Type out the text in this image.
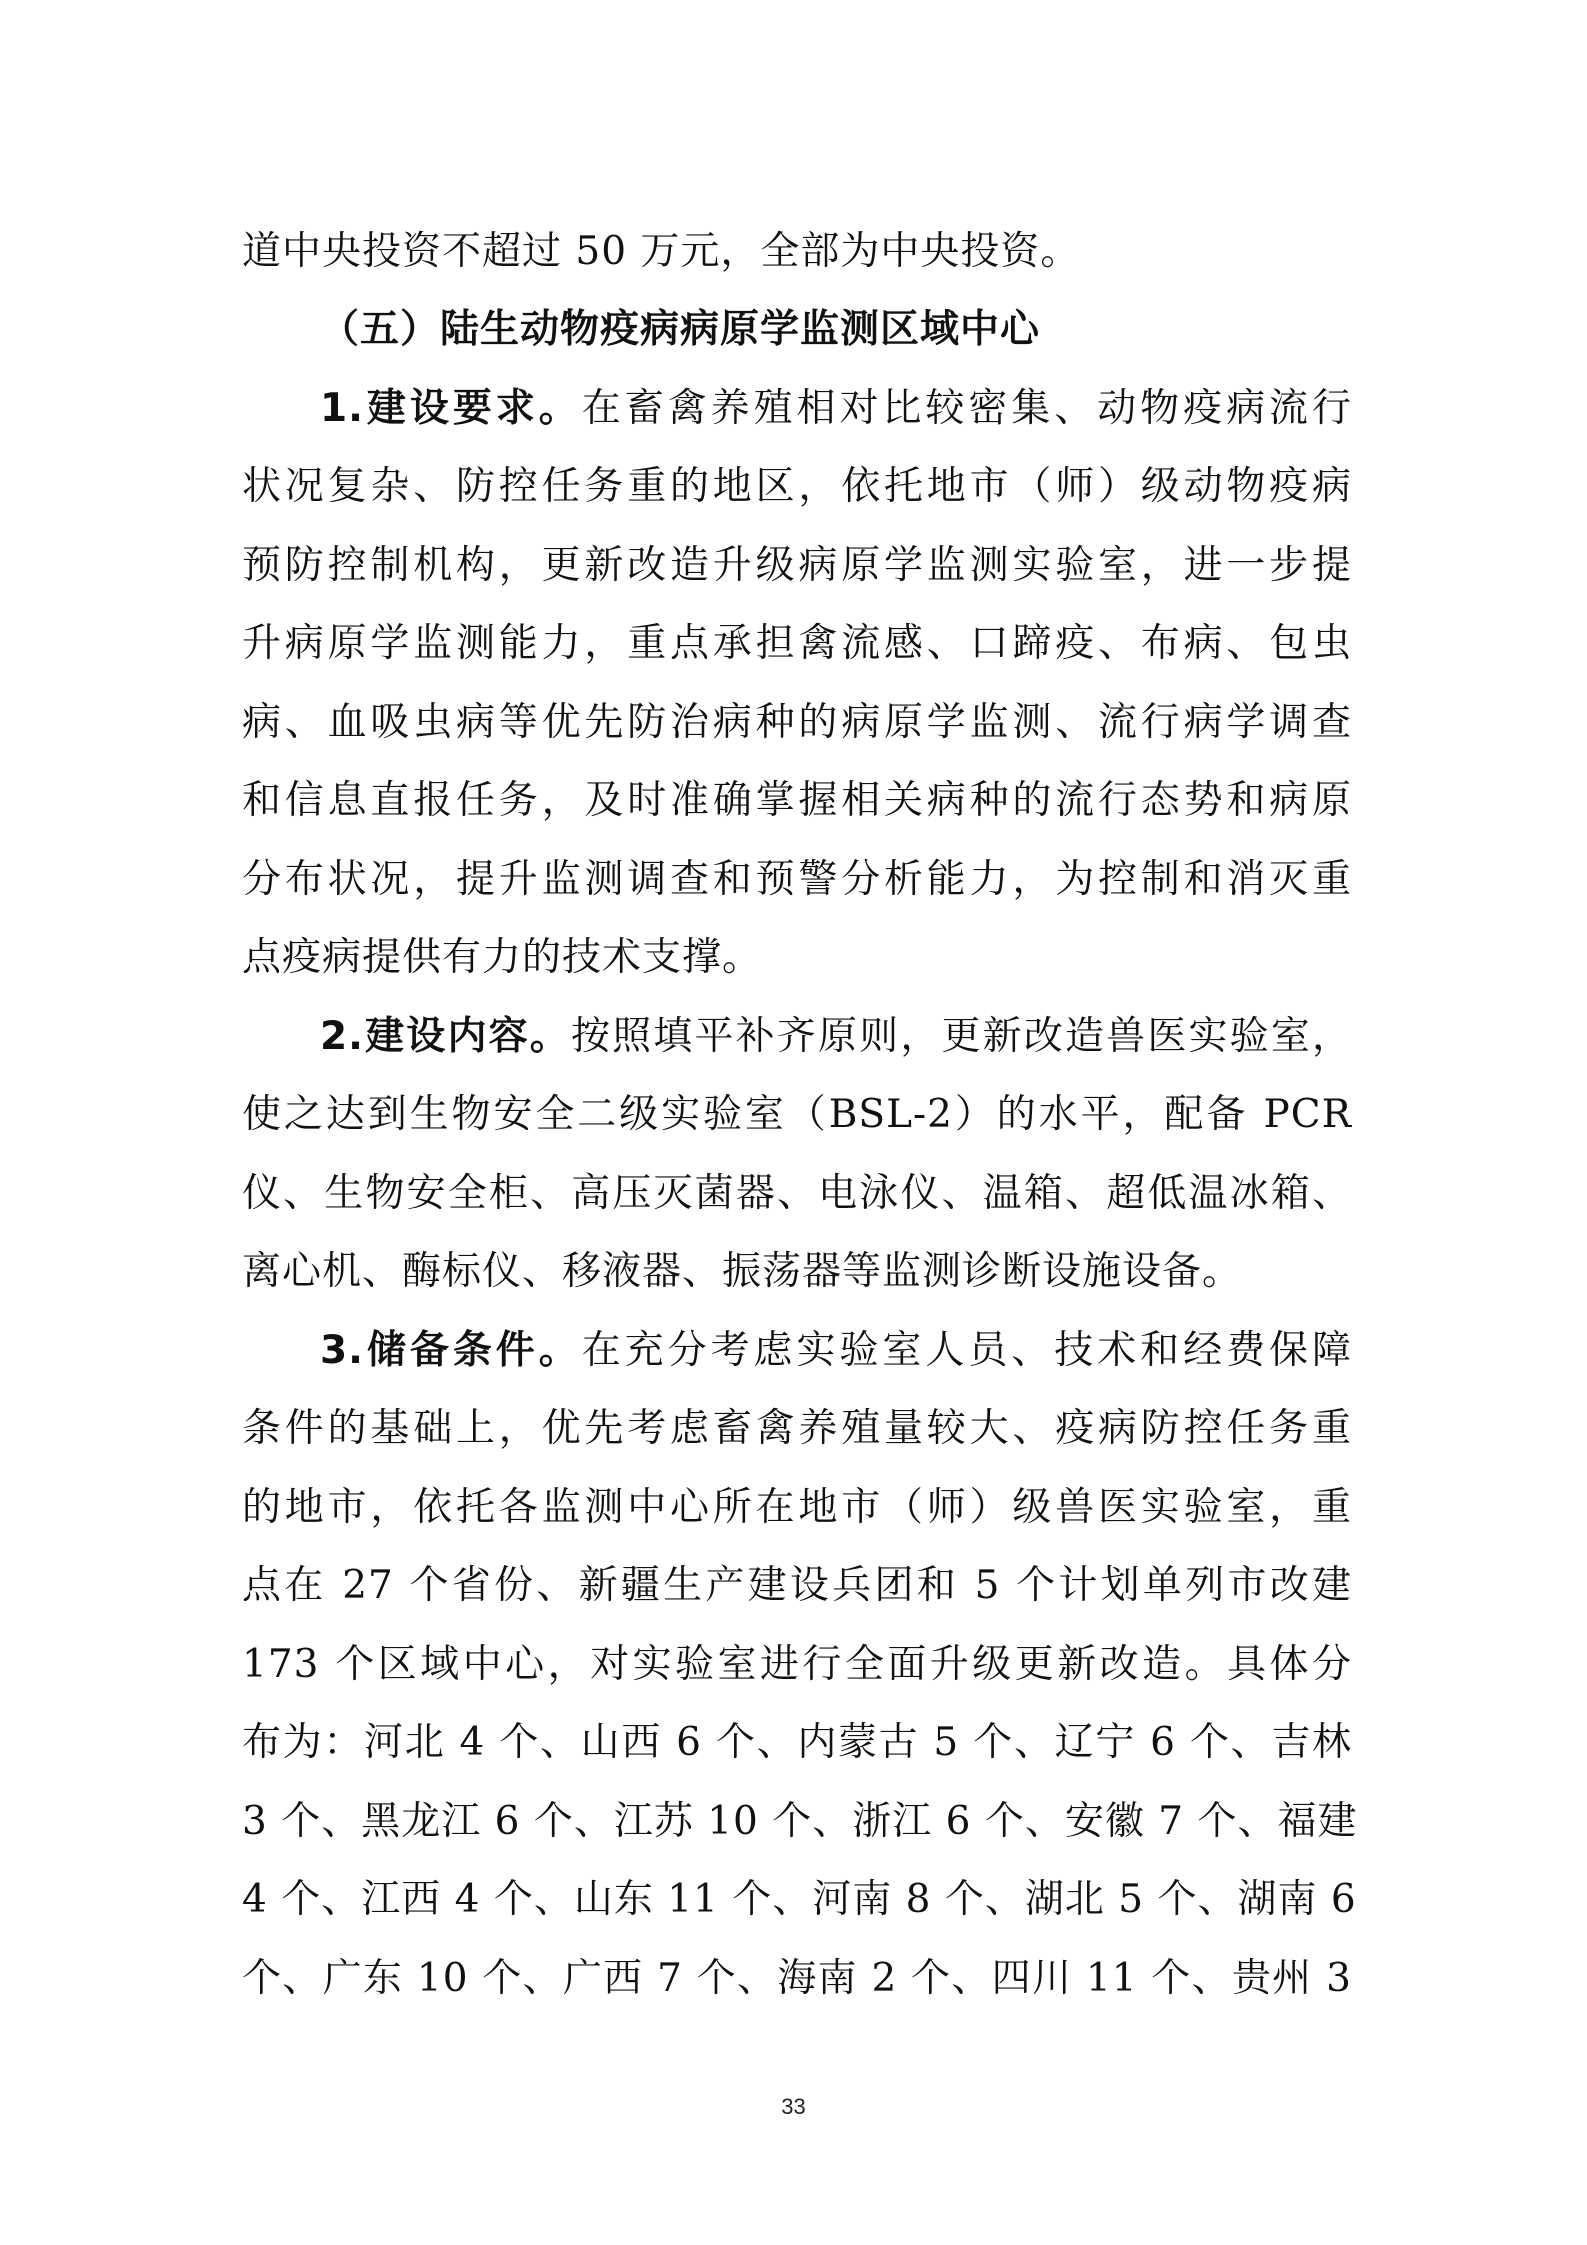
道中央投资不超过 50 万元，全部为中央投资。
（五）陆生动物疫病病原学监测区域中心
1.建设要求。在畜禽养殖相对比较密集、动物疫病流行
状况复杂、防控任务重的地区，依托地市（师）级动物疫病
预防控制机构，更新改造升级病原学监测实验室，进一步提
升病原学监测能力，重点承担禽流感、口蹄疫、布病、包虫
病、血吸虫病等优先防治病种的病原学监测、流行病学调查
和信息直报任务，及时准确掌握相关病种的流行态势和病原
分布状况，提升监测调查和预警分析能力，为控制和消灭重
点疫病提供有力的技术支撑。
2.建设内容。按照填平补齐原则，更新改造兽医实验室，
使之达到生物安全二级实验室（BSL-2）的水平，配备 PCR
仪、生物安全柜、高压灭菌器、电泳仪、温箱、超低温冰箱、
离心机、酶标仪、移液器、振荡器等监测诊断设施设备。
3.储备条件。在充分考虑实验室人员、技术和经费保障
条件的基础上，优先考虑畜禽养殖量较大、疫病防控任务重
的地市，依托各监测中心所在地市（师）级兽医实验室，重
点在 27 个省份、新疆生产建设兵团和 5 个计划单列市改建
173 个区域中心，对实验室进行全面升级更新改造。具体分
布为：河北 4 个、山西 6 个、内蒙古 5 个、辽宁 6 个、吉林
3 个、黑龙江 6 个、江苏 10 个、浙江 6 个、安徽 7 个、福建
4 个、江西 4 个、山东 11 个、河南 8 个、湖北 5 个、湖南 6
个、广东 10 个、广西 7 个、海南 2 个、四川 11 个、贵州 3
33
